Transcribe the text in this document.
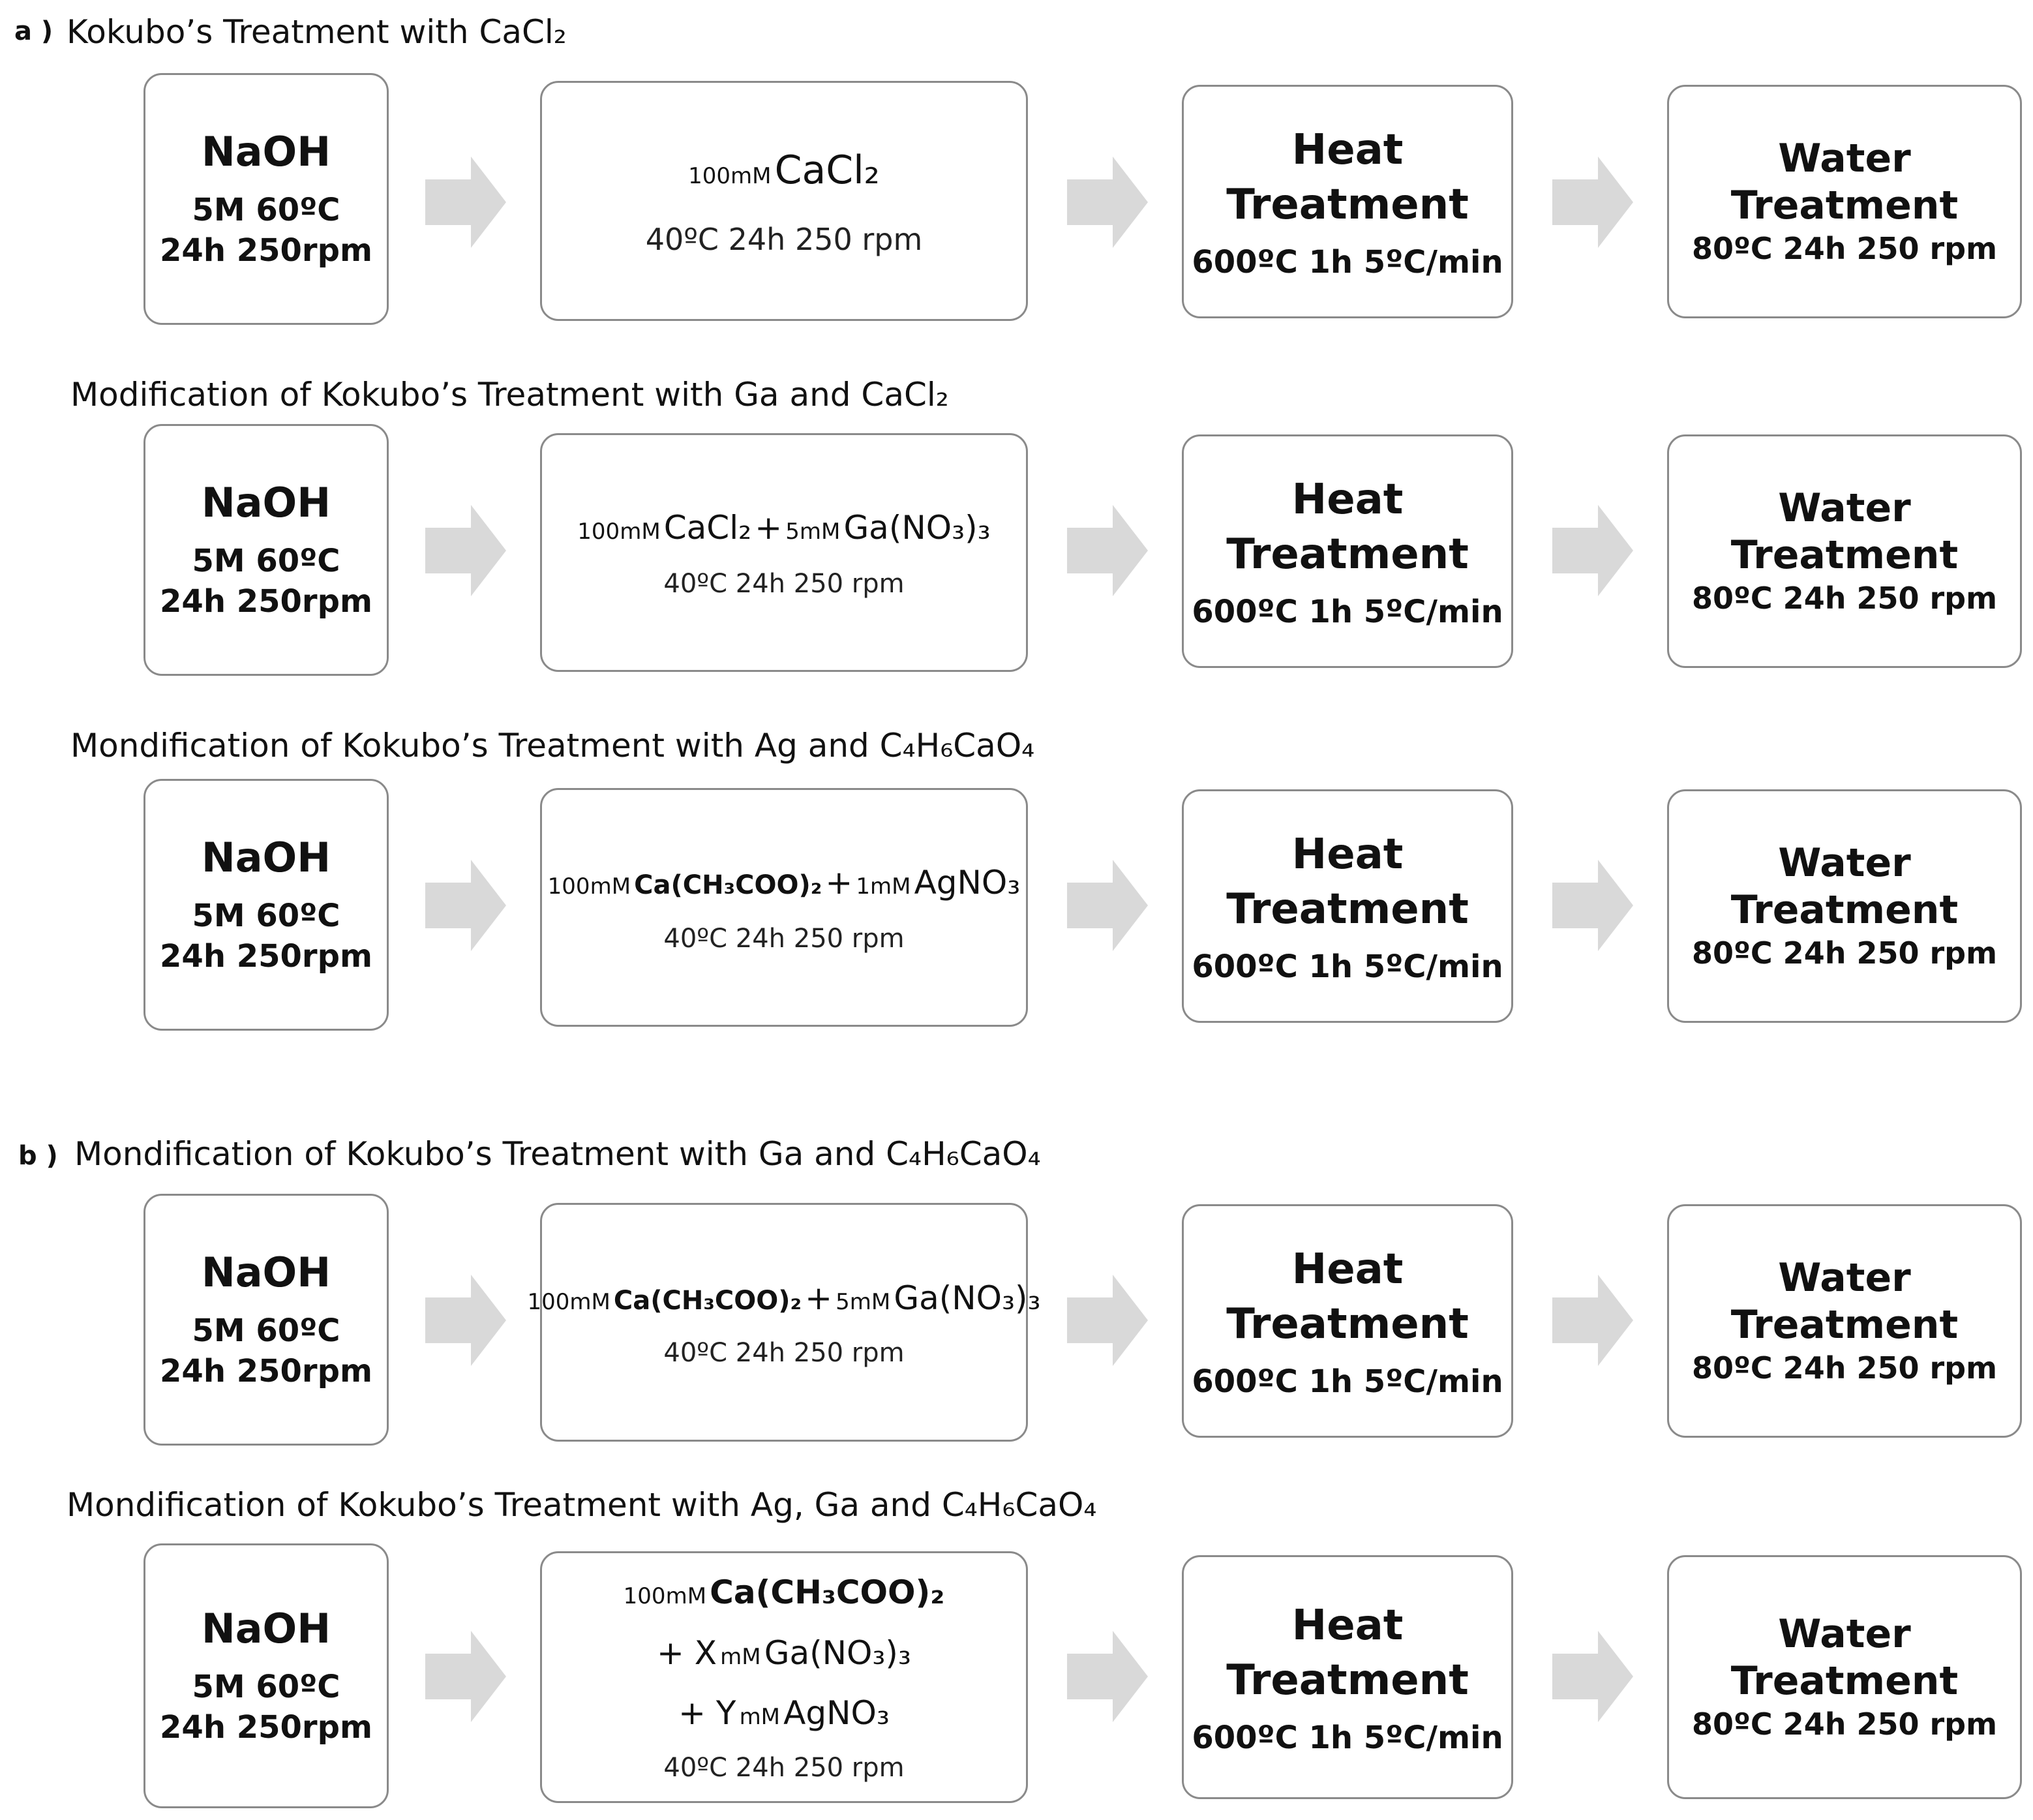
a )
b )
Kokubo’s Treatment with CaCl₂
NaOH
5M 60ºC
24h 250rpm
100mM CaCl₂
40ºC 24h 250 rpm
Heat
Treatment
600ºC 1h 5ºC/min
Water Treatment
80ºC 24h 250 rpm
Modification of Kokubo’s Treatment with Ga and CaCl₂
NaOH
5M 60ºC
24h 250rpm
100mM CaCl₂ + 5mM Ga(NO₃)₃
40ºC 24h 250 rpm
Heat
Treatment
600ºC 1h 5ºC/min
Water Treatment
80ºC 24h 250 rpm
Mondification of Kokubo’s Treatment with Ag and C₄H₆CaO₄
NaOH
5M 60ºC
24h 250rpm
100mM Ca(CH₃COO)₂ + 1mM AgNO₃
40ºC 24h 250 rpm
Heat
Treatment
600ºC 1h 5ºC/min
Water Treatment
80ºC 24h 250 rpm
Mondification of Kokubo’s Treatment with Ga and C₄H₆CaO₄
NaOH
5M 60ºC
24h 250rpm
100mM Ca(CH₃COO)₂ + 5mM Ga(NO₃)₃
40ºC 24h 250 rpm
Heat
Treatment
600ºC 1h 5ºC/min
Water Treatment
80ºC 24h 250 rpm
Mondification of Kokubo’s Treatment with Ag, Ga and C₄H₆CaO₄
NaOH
5M 60ºC
24h 250rpm
100mM Ca(CH₃COO)₂
+ X mM Ga(NO₃)₃
+ Y mM AgNO₃
40ºC 24h 250 rpm
Heat
Treatment
600ºC 1h 5ºC/min
Water Treatment
80ºC 24h 250 rpm
